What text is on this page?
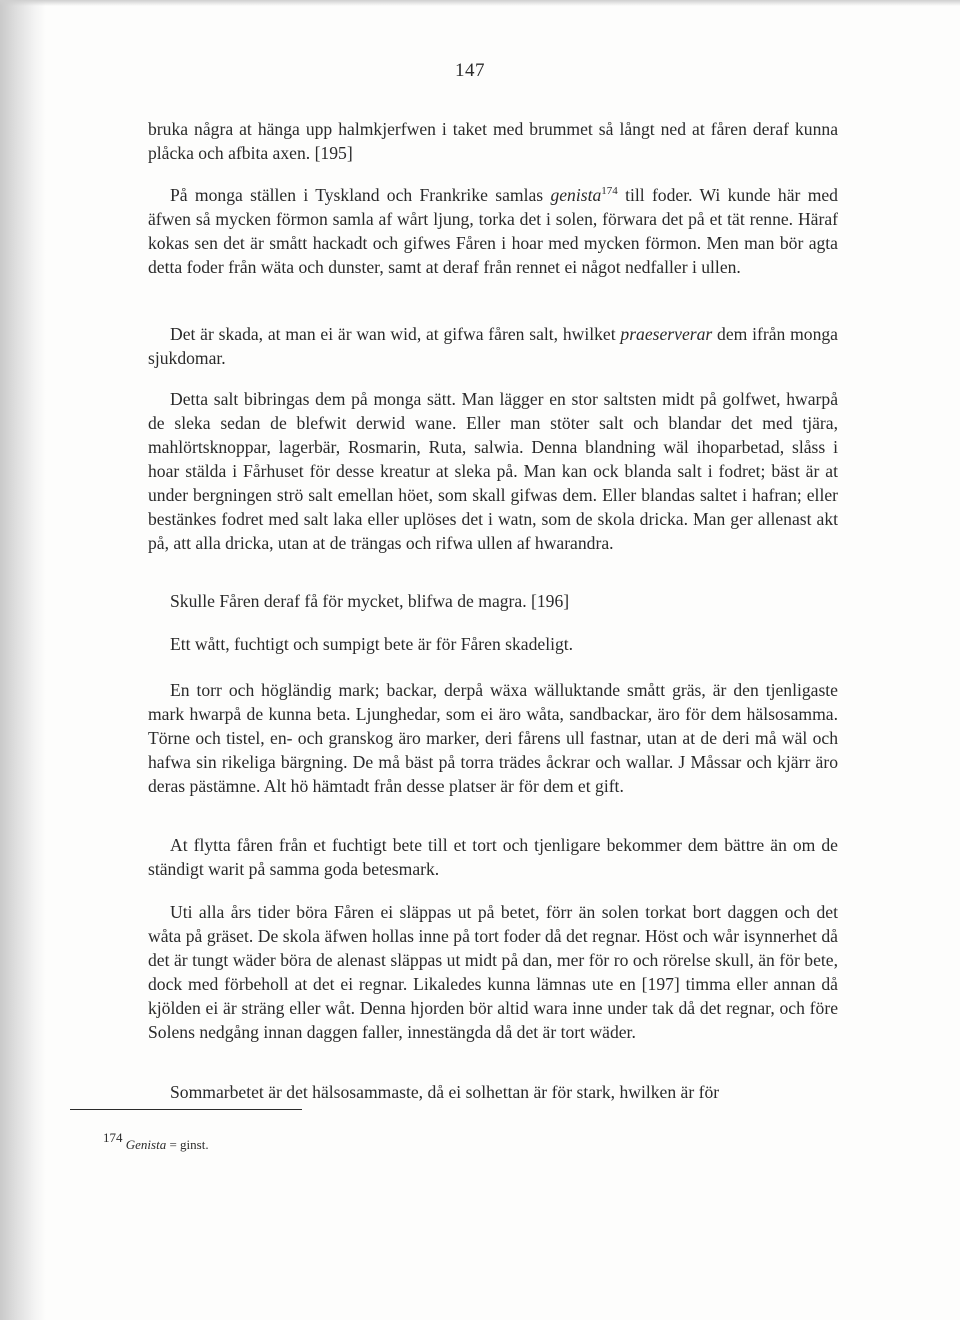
147

bruka några at hänga upp halmkjerfwen i taket med brummet så långt ned at fåren deraf kunna plåcka och afbita axen. [195]

På monga ställen i Tyskland och Frankrike samlas genista$^{174}$ till foder. Wi kunde här med äfwen så mycken förmon samla af wårt ljung, torka det i solen, förwara det på et tät renne. Häraf kokas sen det är smått hackadt och gifwes Fåren i hoar med mycken förmon. Men man bör agta detta foder från wäta och dunster, samt at deraf från rennet ei något nedfaller i ullen.

Det är skada, at man ei är wan wid, at gifwa fåren salt, hwilket praeserverar dem ifrån monga sjukdomar.

Detta salt bibringas dem på monga sätt. Man lägger en stor saltsten midt på golfwet, hwarpå de sleka sedan de blefwit derwid wane. Eller man stöter salt och blandar det med tjära, mahlörtsknoppar, lagerbär, Rosmarin, Ruta, salwia. Denna blandning wäl ihoparbetad, slåss i hoar stälda i Fårhuset för desse kreatur at sleka på. Man kan ock blanda salt i fodret; bäst är at under bergningen strö salt emellan höet, som skall gifwas dem. Eller blandas saltet i hafran; eller bestänkes fodret med salt laka eller uplöses det i watn, som de skola dricka. Man ger allenast akt på, att alla dricka, utan at de trängas och rifwa ullen af hwarandra.

Skulle Fåren deraf få för mycket, blifwa de magra. [196]

Ett wått, fuchtigt och sumpigt bete är för Fåren skadeligt.

En torr och högländig mark; backar, derpå wäxa wälluktande smått gräs, är den tjenligaste mark hwarpå de kunna beta. Ljunghedar, som ei äro wåta, sandbackar, äro för dem hälsosamma. Törne och tistel, en- och granskog äro marker, deri fårens ull fastnar, utan at de deri må wäl och hafwa sin rikeliga bärgning. De må bäst på torra trädes åckrar och wallar. J Måssar och kjärr äro deras pästämne. Alt hö hämtadt från desse platser är för dem et gift.

At flytta fåren från et fuchtigt bete till et tort och tjenligare bekommer dem bättre än om de ständigt warit på samma goda betesmark.

Uti alla års tider böra Fåren ei släppas ut på betet, förr än solen torkat bort daggen och det wåta på gräset. De skola äfwen hollas inne på tort foder då det regnar. Höst och wår isynnerhet då det är tungt wäder böra de alenast släppas ut midt på dan, mer för ro och rörelse skull, än för bete, dock med förbeholl at det ei regnar. Likaledes kunna lämnas ute en [197] timma eller annan då kjölden ei är sträng eller wåt. Denna hjorden bör altid wara inne under tak då det regnar, och före Solens nedgång innan daggen faller, innestängda då det är tort wäder.

Sommarbetet är det hälsosammaste, då ei solhettan är för stark, hwilken är för

$^{174}$ Genista = ginst.
